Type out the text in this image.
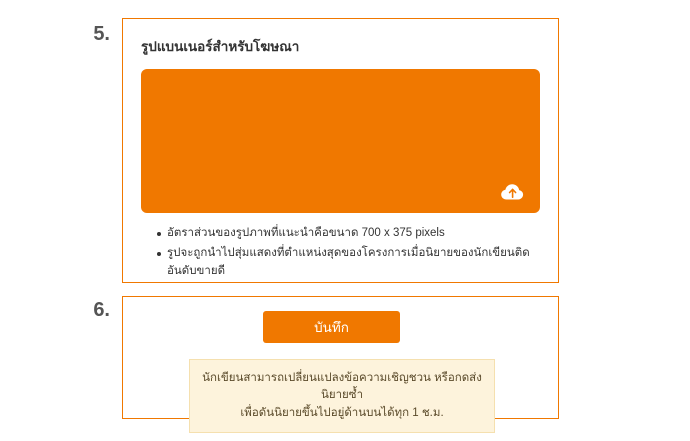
5.
รูปแบนเนอร์สำหรับโฆษณา
อัตราส่วนของรูปภาพที่แนะนำคือขนาด 700 x 375 pixels
รูปจะถูกนำไปสุ่มแสดงที่ตำแหน่งสุดของโครงการเมื่อนิยายของนักเขียนติดอันดับขายดี
6.
บันทึก
นักเขียนสามารถเปลี่ยนแปลงข้อความเชิญชวน หรือกดส่งนิยายซ้ำ
เพื่อดันนิยายขึ้นไปอยู่ด้านบนได้ทุก 1 ช.ม.
